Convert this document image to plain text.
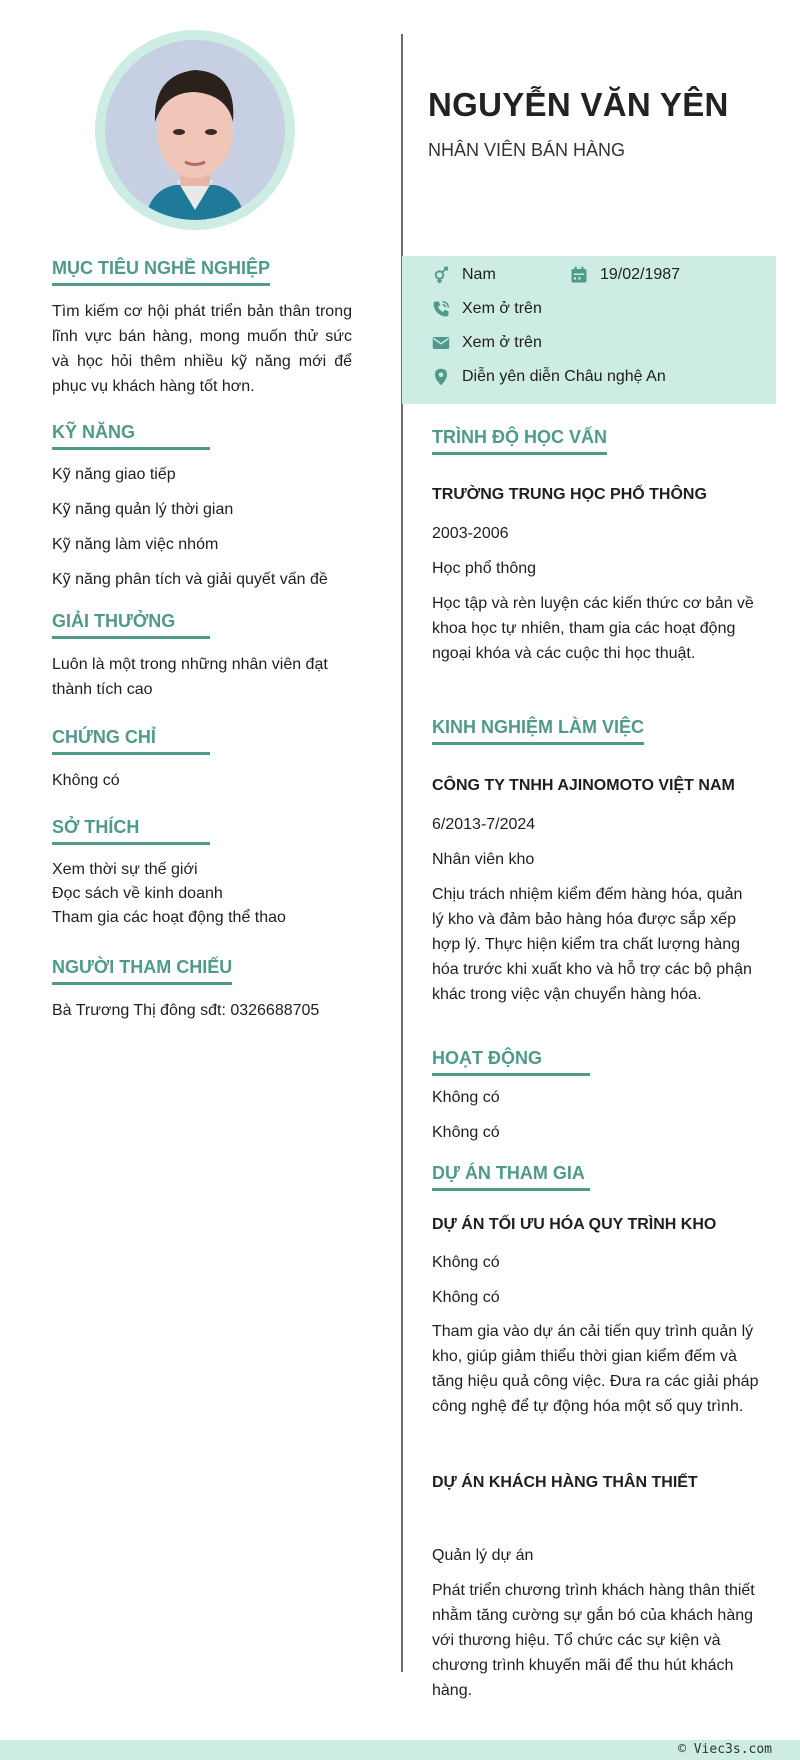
MỤC TIÊU NGHỀ NGHIỆP

Tìm kiếm cơ hội phát triển bản thân trong lĩnh vực bán hàng, mong muốn thử sức và học hỏi thêm nhiều kỹ năng mới để phục vụ khách hàng tốt hơn.

KỸ NĂNG

Kỹ năng giao tiếp

Kỹ năng quản lý thời gian

Kỹ năng làm việc nhóm

Kỹ năng phân tích và giải quyết vấn đề

GIẢI THƯỞNG

Luôn là một trong những nhân viên đạt thành tích cao

CHỨNG CHỈ

Không có

SỞ THÍCH

Xem thời sự thế giới

Đọc sách về kinh doanh

Tham gia các hoạt động thể thao

NGƯỜI THAM CHIẾU

Bà Trương Thị đông sđt: 0326688705

NGUYỄN VĂN YÊN

NHÂN VIÊN BÁN HÀNG

Nam	19/02/1987
Xem ở trên
Xem ở trên
Diễn yên diễn Châu nghệ An
TRÌNH ĐỘ HỌC VẤN

TRƯỜNG TRUNG HỌC PHỔ THÔNG

2003-2006

Học phổ thông

Học tập và rèn luyện các kiến thức cơ bản về khoa học tự nhiên, tham gia các hoạt động ngoại khóa và các cuộc thi học thuật.

KINH NGHIỆM LÀM VIỆC

CÔNG TY TNHH AJINOMOTO VIỆT NAM

6/2013-7/2024

Nhân viên kho

Chịu trách nhiệm kiểm đếm hàng hóa, quản lý kho và đảm bảo hàng hóa được sắp xếp hợp lý. Thực hiện kiểm tra chất lượng hàng hóa trước khi xuất kho và hỗ trợ các bộ phận khác trong việc vận chuyển hàng hóa.

HOẠT ĐỘNG

Không có

Không có

DỰ ÁN THAM GIA

DỰ ÁN TỐI ƯU HÓA QUY TRÌNH KHO

Không có

Không có

Tham gia vào dự án cải tiến quy trình quản lý kho, giúp giảm thiểu thời gian kiểm đếm và tăng hiệu quả công việc. Đưa ra các giải pháp công nghệ để tự động hóa một số quy trình.

DỰ ÁN KHÁCH HÀNG THÂN THIẾT

Quản lý dự án

Phát triển chương trình khách hàng thân thiết nhằm tăng cường sự gắn bó của khách hàng với thương hiệu. Tổ chức các sự kiện và chương trình khuyến mãi để thu hút khách hàng.

© Viec3s.com
